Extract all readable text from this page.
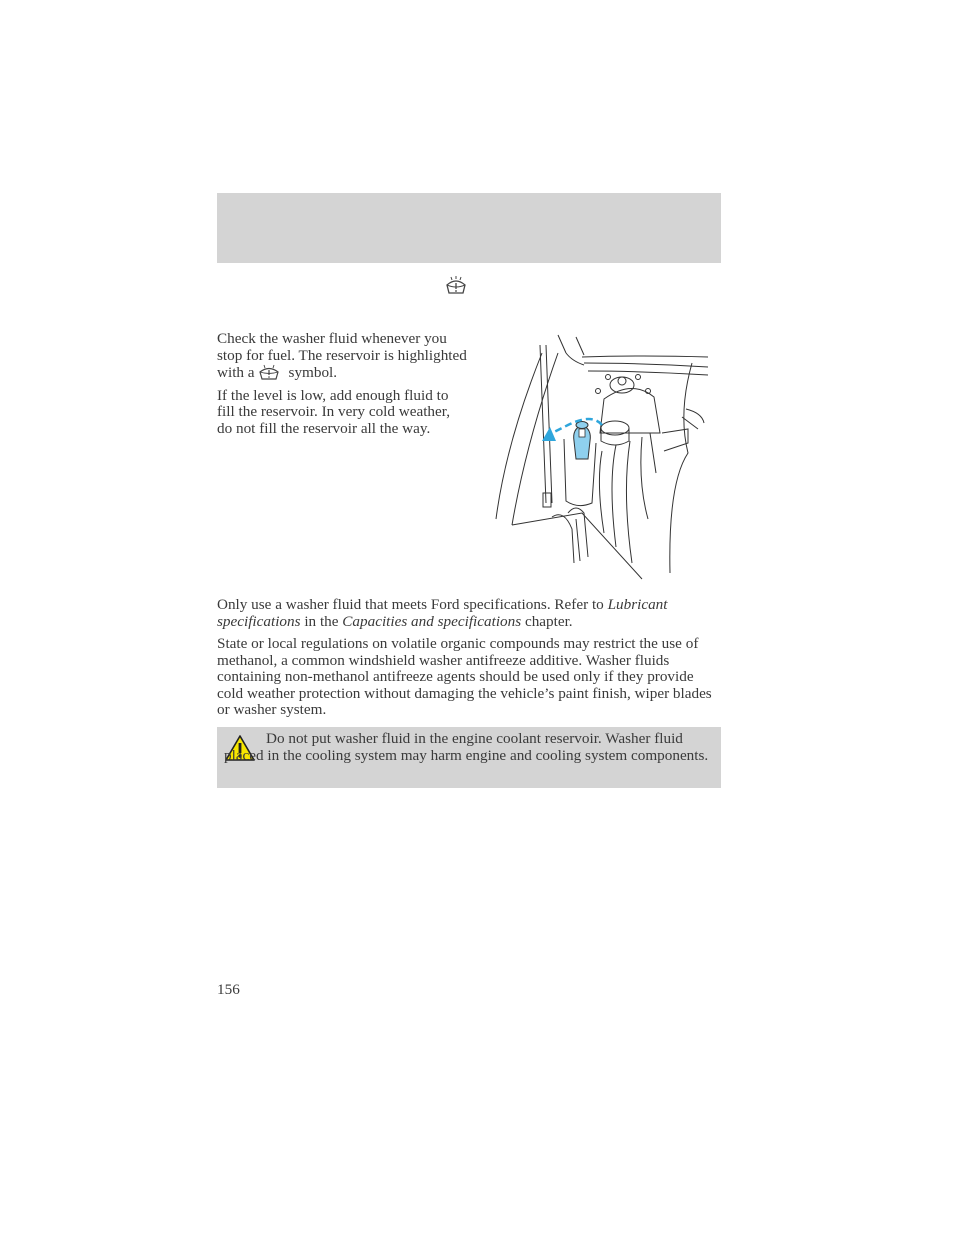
Check the washer fluid whenever you stop for fuel. The reservoir is highlighted with a symbol.

If the level is low, add enough fluid to fill the reservoir. In very cold weather, do not fill the reservoir all the way.

Only use a washer fluid that meets Ford specifications. Refer to Lubricant specifications in the Capacities and specifications chapter.

State or local regulations on volatile organic compounds may restrict the use of methanol, a common windshield washer antifreeze additive. Washer fluids containing non-methanol antifreeze agents should be used only if they provide cold weather protection without damaging the vehicle’s paint finish, wiper blades or washer system.

Do not put washer fluid in the engine coolant reservoir. Washer fluid placed in the cooling system may harm engine and cooling system components.
156
